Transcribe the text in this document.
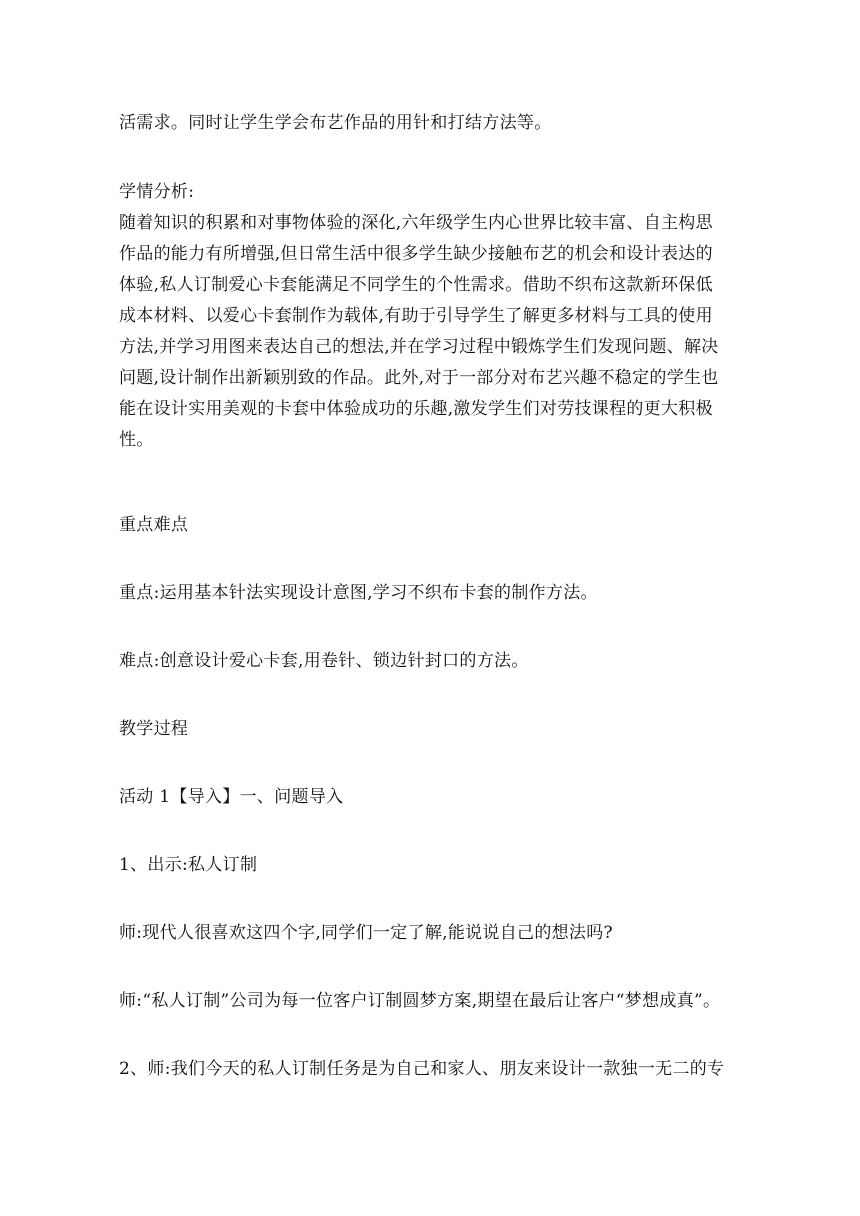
活需求。同时让学生学会布艺作品的用针和打结方法等。
学情分析:
随着知识的积累和对事物体验的深化,六年级学生内心世界比较丰富、自主构思
作品的能力有所增强,但日常生活中很多学生缺少接触布艺的机会和设计表达的
体验,私人订制爱心卡套能满足不同学生的个性需求。借助不织布这款新环保低
成本材料、以爱心卡套制作为载体,有助于引导学生了解更多材料与工具的使用
方法,并学习用图来表达自己的想法,并在学习过程中锻炼学生们发现问题、解决
问题,设计制作出新颖别致的作品。此外,对于一部分对布艺兴趣不稳定的学生也
能在设计实用美观的卡套中体验成功的乐趣,激发学生们对劳技课程的更大积极
性。
重点难点
重点:运用基本针法实现设计意图,学习不织布卡套的制作方法。
难点:创意设计爱心卡套,用卷针、锁边针封口的方法。
教学过程
活动 1【导入】一、问题导入
1、出示:私人订制
师:现代人很喜欢这四个字,同学们一定了解,能说说自己的想法吗?
师:“私人订制”公司为每一位客户订制圆梦方案,期望在最后让客户“梦想成真”。
2、师:我们今天的私人订制任务是为自己和家人、朋友来设计一款独一无二的专
